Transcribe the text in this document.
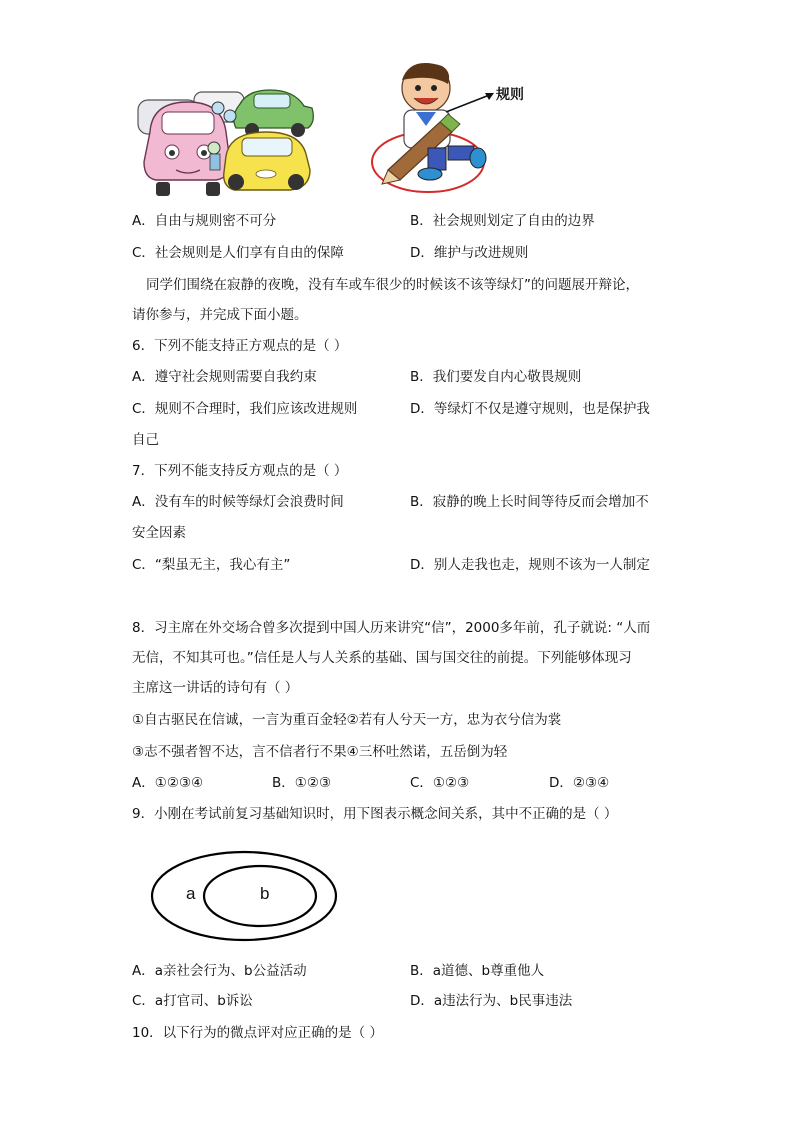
规则
A．自由与规则密不可分	B．社会规则划定了自由的边界
C．社会规则是人们享有自由的保障	D．维护与改进规则
同学们围绕在寂静的夜晚，没有车或车很少的时候该不该等绿灯”的问题展开辩论，
请你参与，并完成下面小题。
6．下列不能支持正方观点的是（ ）
A．遵守社会规则需要自我约束	B．我们要发自内心敬畏规则
C．规则不合理时，我们应该改进规则	D．等绿灯不仅是遵守规则，也是保护我
自己
7．下列不能支持反方观点的是（ ）
A．没有车的时候等绿灯会浪费时间	B．寂静的晚上长时间等待反而会增加不
安全因素
C．“梨虽无主，我心有主”	D．别人走我也走，规则不该为一人制定
8．习主席在外交场合曾多次提到中国人历来讲究“信”，2000多年前，孔子就说: “人而
无信，不知其可也。”信任是人与人关系的基础、国与国交往的前提。下列能够体现习
主席这一讲话的诗句有（ ）
①自古驱民在信诚，一言为重百金轻②若有人兮天一方，忠为衣兮信为裳
③志不强者智不达，言不信者行不果④三杯吐然诺，五岳倒为轻
A．①②③④	B．①②③	C．①②③	D．②③④
9．小刚在考试前复习基础知识时，用下图表示概念间关系，其中不正确的是（ ）
a	b
A．a亲社会行为、b公益活动	B．a道德、b尊重他人
C．a打官司、b诉讼	D．a违法行为、b民事违法
10．以下行为的微点评对应正确的是（ ）
